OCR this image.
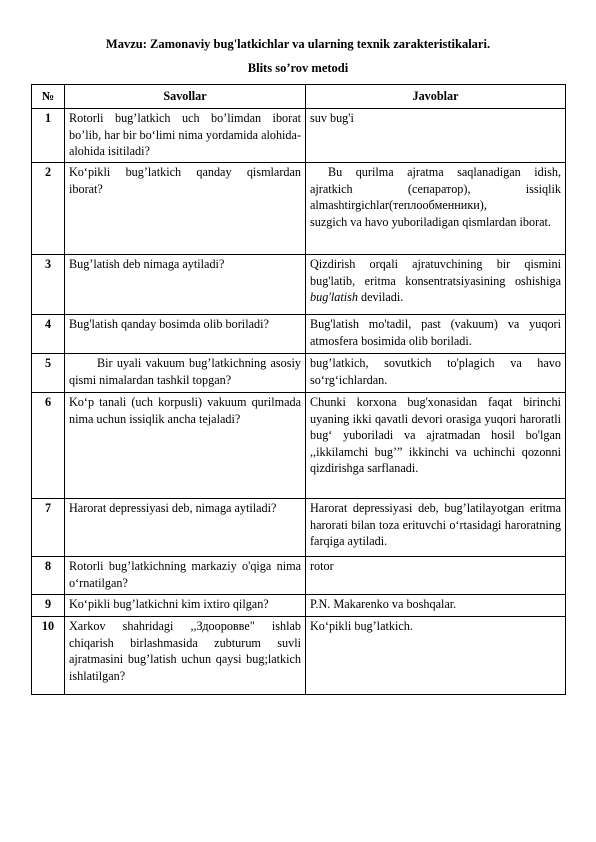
Mavzu: Zamonaviy bug'latkichlar va ularning texnik zarakteristikalari.
Blits so’rov metodi
№	Savollar	Javoblar
1	Rotorli bug’latkich uch bo’limdan iborat bo’lib, har bir bo‘limi nima yordamida alohida-alohida isitiladi?	suv bug'i
2	Ko‘pikli bug’latkich qanday qismlardan iborat?	Bu qurilma ajratma saqlanadigan idish, ajratkich (сепаратор), issiqlik almashtirgichlar(теплообменники),
suzgich va havo yuboriladigan qismlardan iborat.

3	Bug’latish deb nimaga aytiladi?	Qizdirish orqali ajratuvchining bir qismini bug'latib, eritma konsentratsiyasining oshishiga bug'latish deviladi.
4	Bug'latish qanday bosimda olib boriladi?	Bug'latish mo'tadil, past (vakuum) va yuqori atmosfera bosimida olib boriladi.
5	Bir uyali vakuum bug’latkichning asosiy qismi nimalardan tashkil topgan?	bug’latkich, sovutkich to'plagich va havo so‘rg‘ichlardan.
6	Ko‘p tanali (uch korpusli) vakuum qurilmada nima uchun issiqlik ancha tejaladi?	Chunki korxona bug'xonasidan faqat birinchi uyaning ikki qavatli devori orasiga yuqori haroratli bug‘ yuboriladi va ajratmadan hosil bo'lgan ,,ikkilamchi bug’” ikkinchi va uchinchi qozonni qizdirishga sarflanadi.
7	Harorat depressiyasi deb, nimaga aytiladi?	Harorat depressiyasi deb, bug’latilayotgan eritma harorati bilan toza erituvchi o‘rtasidagi haroratning farqiga aytiladi.
8	Rotorli bug’latkichning markaziy o'qiga nima o‘rnatilgan?	rotor
9	Ko‘pikli bug’latkichni kim ixtiro qilgan?	P.N. Makarenko va boshqalar.
10	Xarkov shahridagi ,,Здоороввe" ishlab chiqarish birlashmasida zubturum suvli ajratmasini bug’latish uchun qaysi bug;latkich ishlatilgan?	Ko‘pikli bug’latkich.
